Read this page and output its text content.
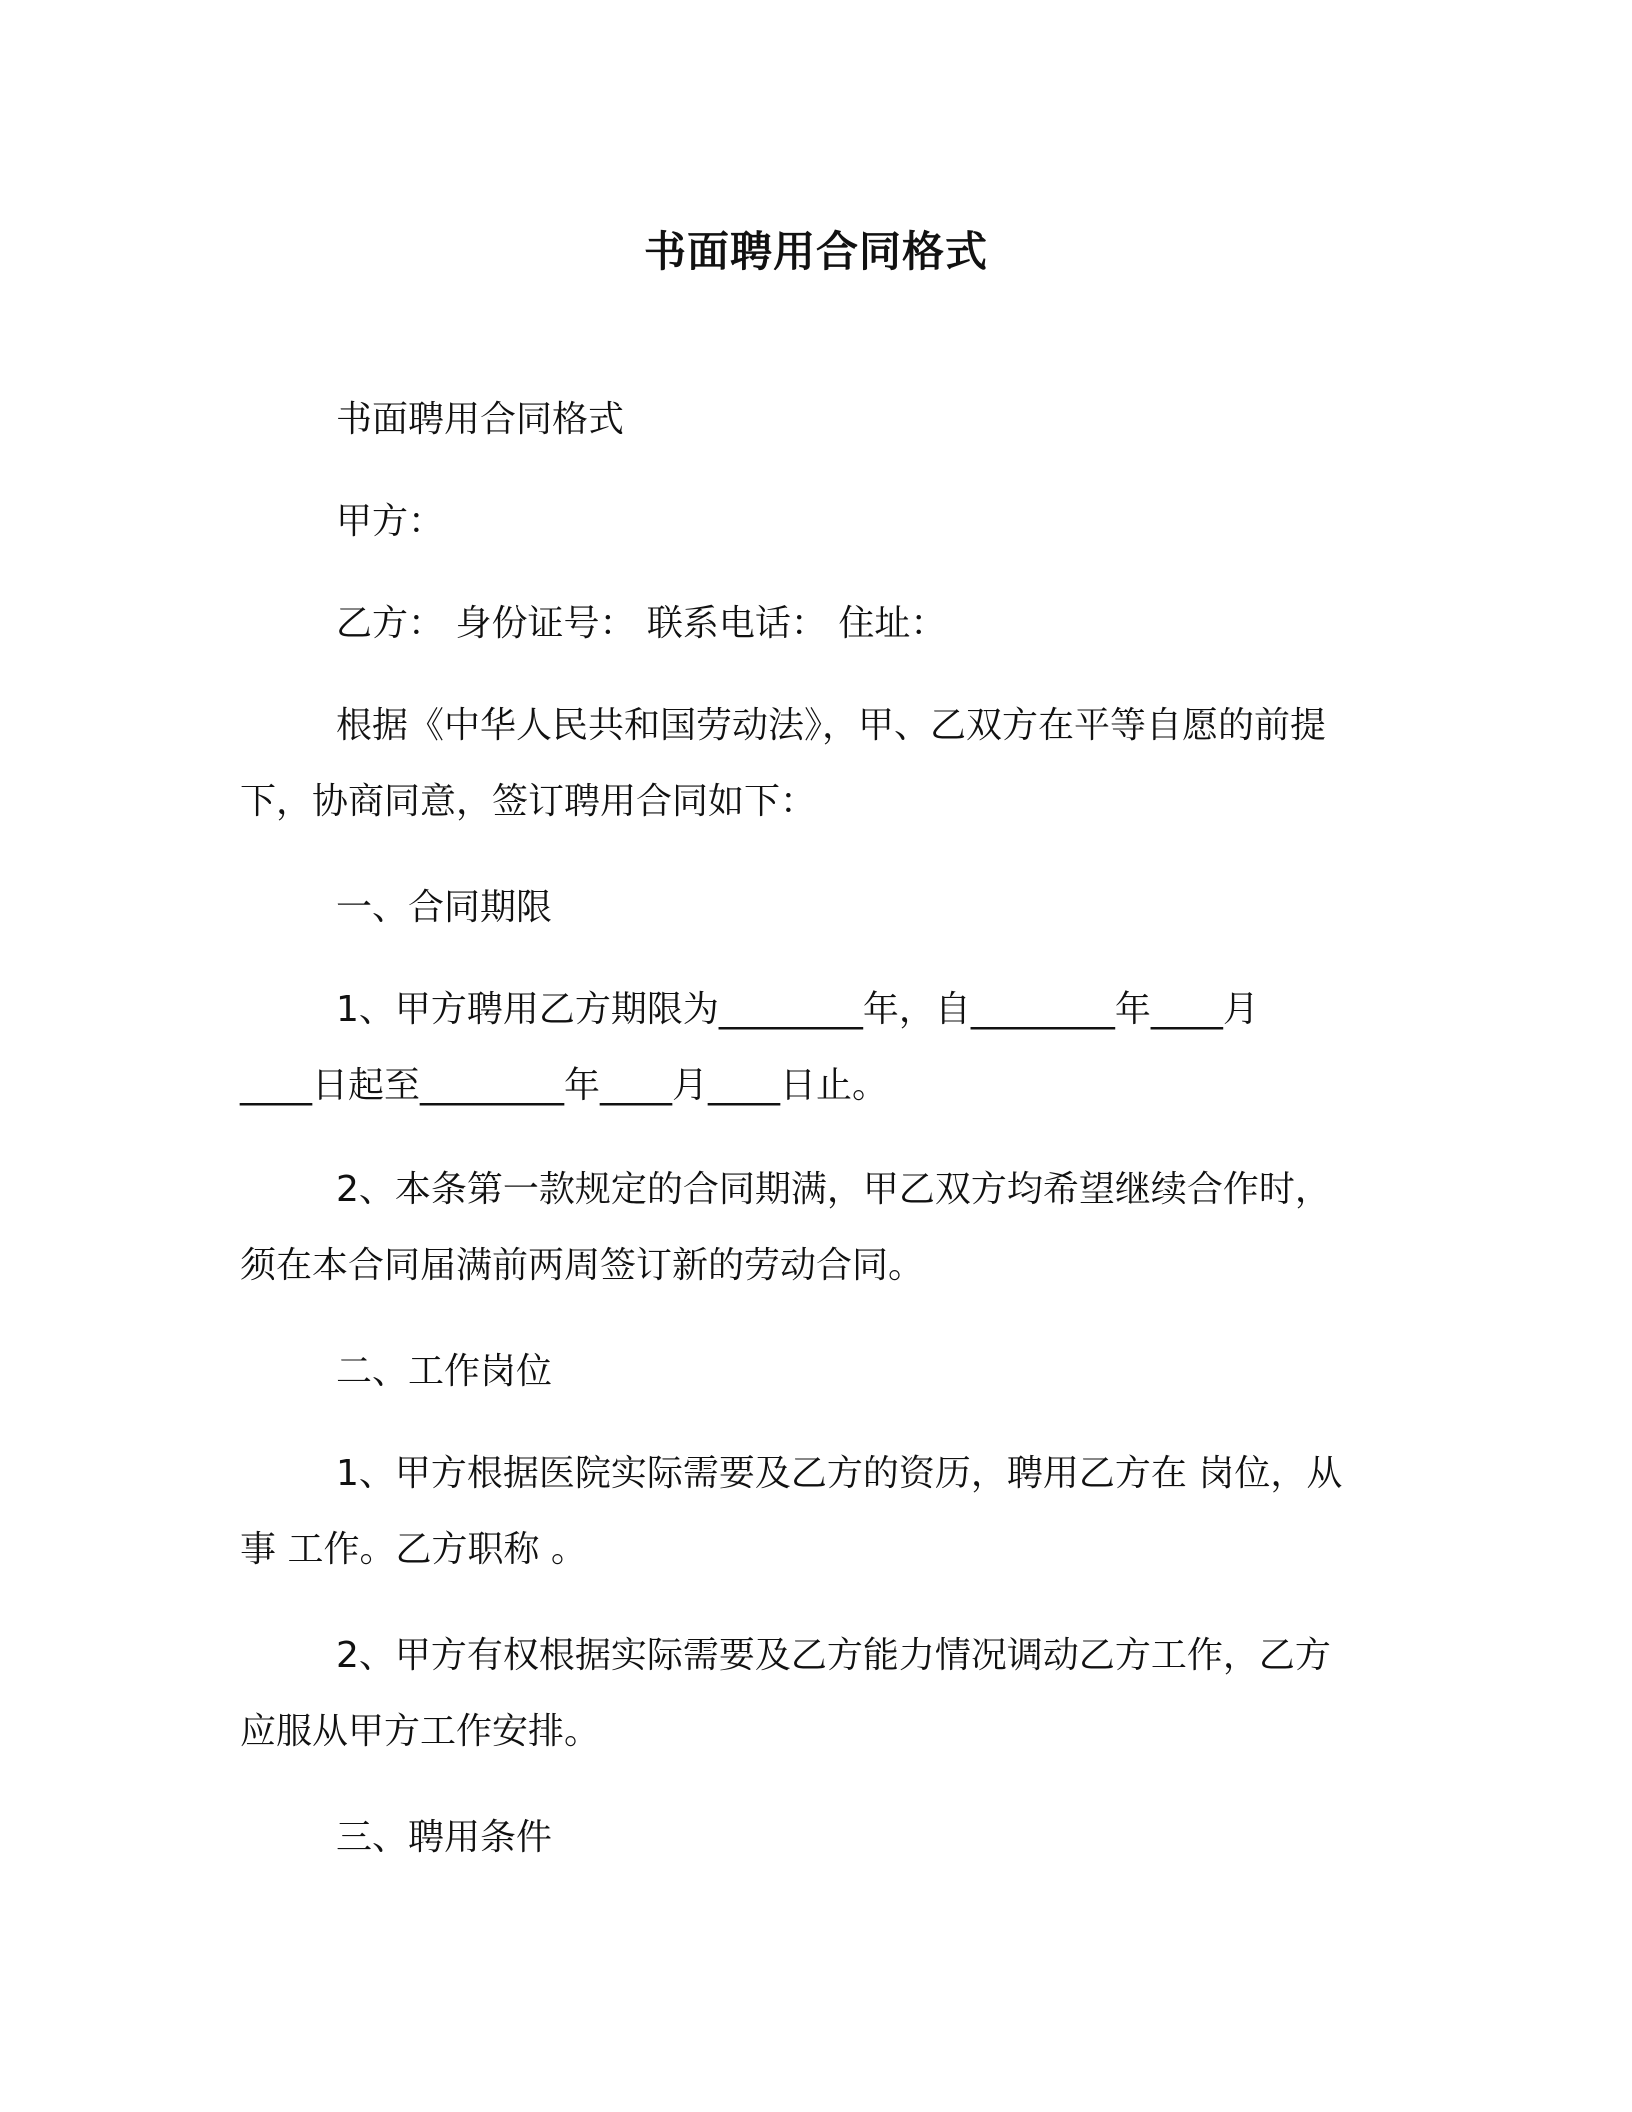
书面聘用合同格式
书面聘用合同格式
甲方：
乙方： 身份证号： 联系电话： 住址：
根据《中华人民共和国劳动法》，甲、乙双方在平等自愿的前提
下，协商同意，签订聘用合同如下：
一、合同期限
1、甲方聘用乙方期限为________年，自________年____月
____日起至________年____月____日止。
2、本条第一款规定的合同期满，甲乙双方均希望继续合作时，
须在本合同届满前两周签订新的劳动合同。
二、工作岗位
1、甲方根据医院实际需要及乙方的资历，聘用乙方在 岗位，从
事 工作。乙方职称 。
2、甲方有权根据实际需要及乙方能力情况调动乙方工作，乙方
应服从甲方工作安排。
三、聘用条件
